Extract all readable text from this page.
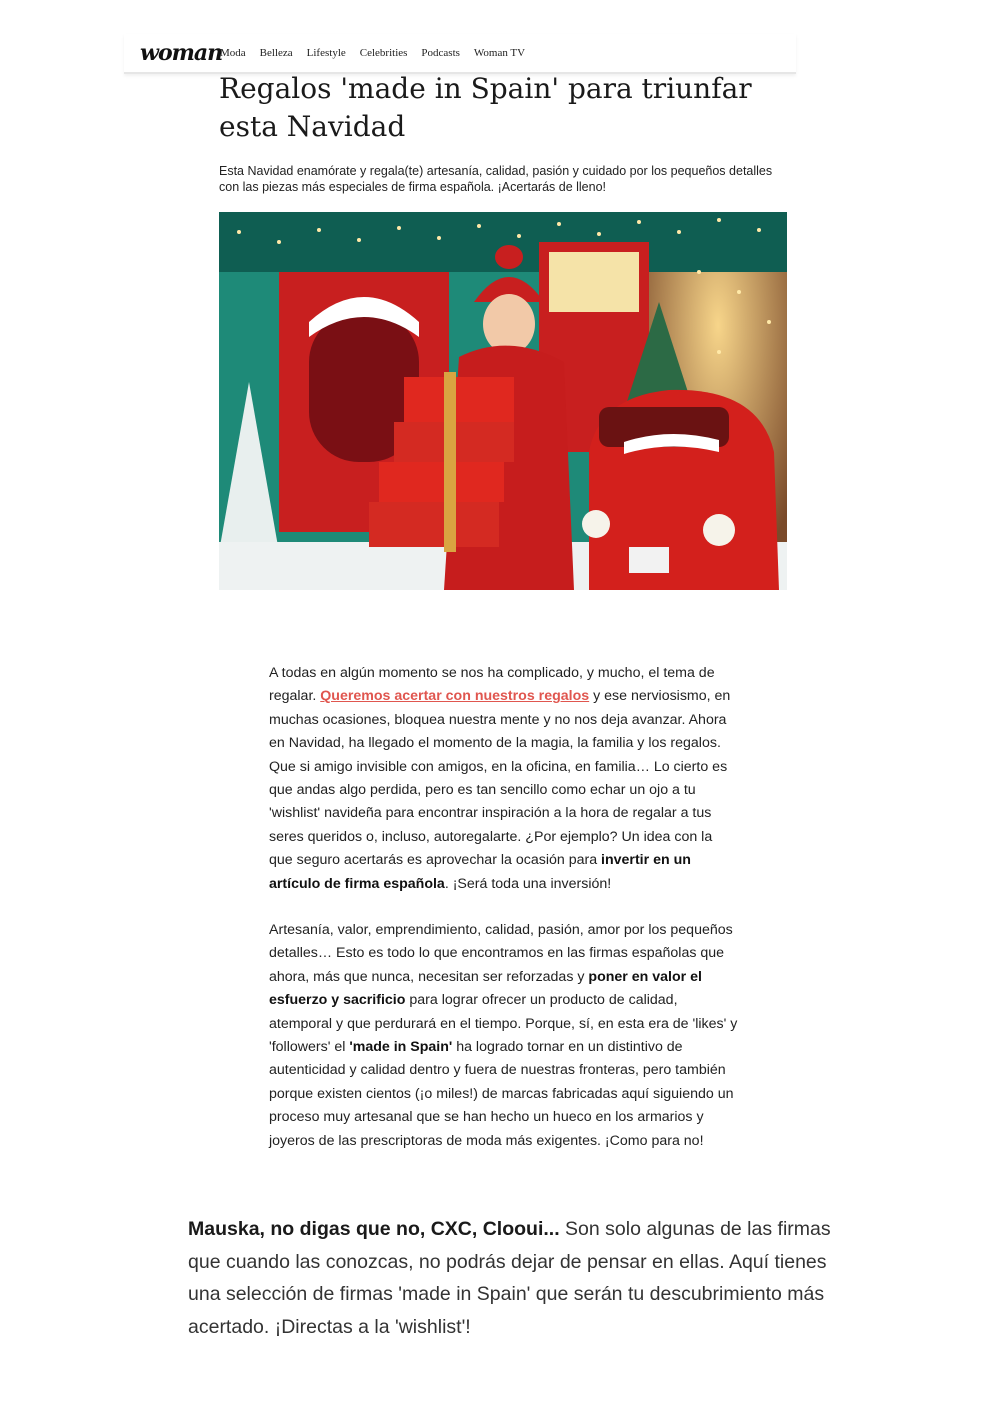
woman
Moda Belleza Lifestyle Celebrities Podcasts Woman TV
Regalos 'made in Spain' para triunfar esta Navidad

Esta Navidad enamórate y regala(te) artesanía, calidad, pasión y cuidado por los pequeños detalles con las piezas más especiales de firma española. ¡Acertarás de lleno!

A todas en algún momento se nos ha complicado, y mucho, el tema de regalar. Queremos acertar con nuestros regalos y ese nerviosismo, en muchas ocasiones, bloquea nuestra mente y no nos deja avanzar. Ahora en Navidad, ha llegado el momento de la magia, la familia y los regalos. Que si amigo invisible con amigos, en la oficina, en familia… Lo cierto es que andas algo perdida, pero es tan sencillo como echar un ojo a tu 'wishlist' navideña para encontrar inspiración a la hora de regalar a tus seres queridos o, incluso, autoregalarte. ¿Por ejemplo? Un idea con la que seguro acertarás es aprovechar la ocasión para invertir en un artículo de firma española. ¡Será toda una inversión!

Artesanía, valor, emprendimiento, calidad, pasión, amor por los pequeños detalles… Esto es todo lo que encontramos en las firmas españolas que ahora, más que nunca, necesitan ser reforzadas y poner en valor el esfuerzo y sacrificio para lograr ofrecer un producto de calidad, atemporal y que perdurará en el tiempo. Porque, sí, en esta era de 'likes' y 'followers' el 'made in Spain' ha logrado tornar en un distintivo de autenticidad y calidad dentro y fuera de nuestras fronteras, pero también porque existen cientos (¡o miles!) de marcas fabricadas aquí siguiendo un proceso muy artesanal que se han hecho un hueco en los armarios y joyeros de las prescriptoras de moda más exigentes. ¡Como para no!

Mauska, no digas que no, CXC, Clooui... Son solo algunas de las firmas que cuando las conozcas, no podrás dejar de pensar en ellas. Aquí tienes una selección de firmas 'made in Spain' que serán tu descubrimiento más acertado. ¡Directas a la 'wishlist'!
